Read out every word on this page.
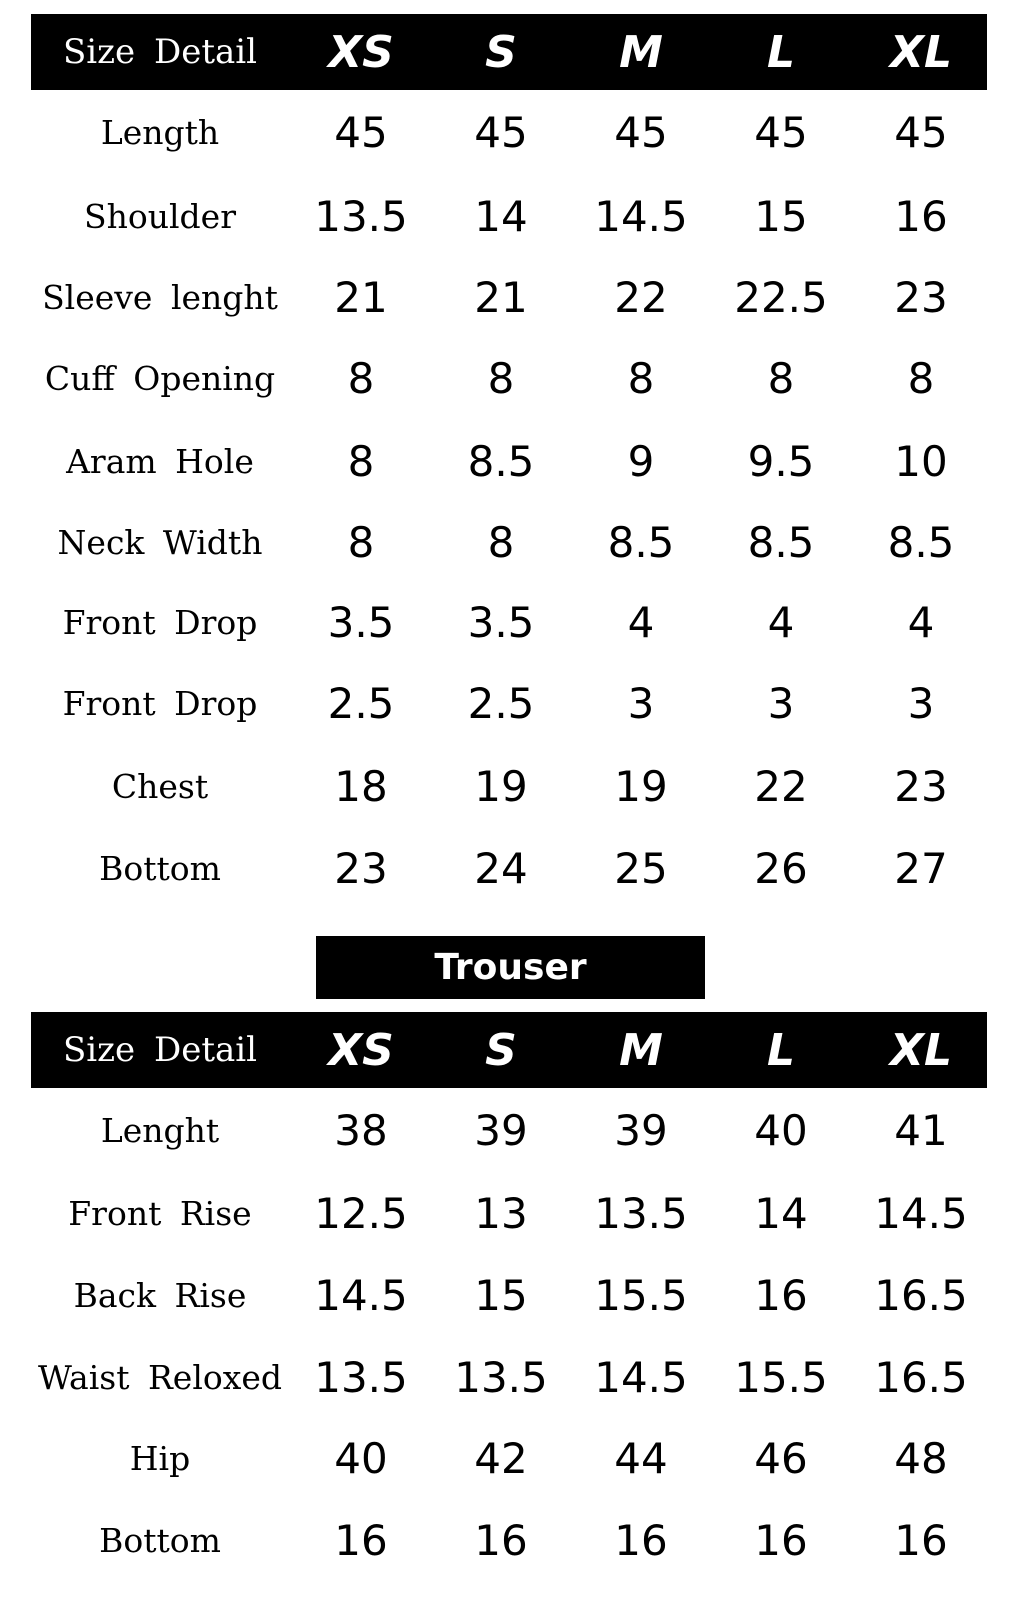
Size Detail	XS	S	M	L	XL
Length	45	45	45	45	45
Shoulder	13.5	14	14.5	15	16
Sleeve lenght	21	21	22	22.5	23
Cuff Opening	8	8	8	8	8
Aram Hole	8	8.5	9	9.5	10
Neck Width	8	8	8.5	8.5	8.5
Front Drop	3.5	3.5	4	4	4
Front Drop	2.5	2.5	3	3	3
Chest	18	19	19	22	23
Bottom	23	24	25	26	27
Trouser
Size Detail	XS	S	M	L	XL
Lenght	38	39	39	40	41
Front Rise	12.5	13	13.5	14	14.5
Back Rise	14.5	15	15.5	16	16.5
Waist Reloxed 13.5	13.5	14.5	15.5	16.5
Hip	40	42	44	46	48
Bottom	16	16	16	16	16
